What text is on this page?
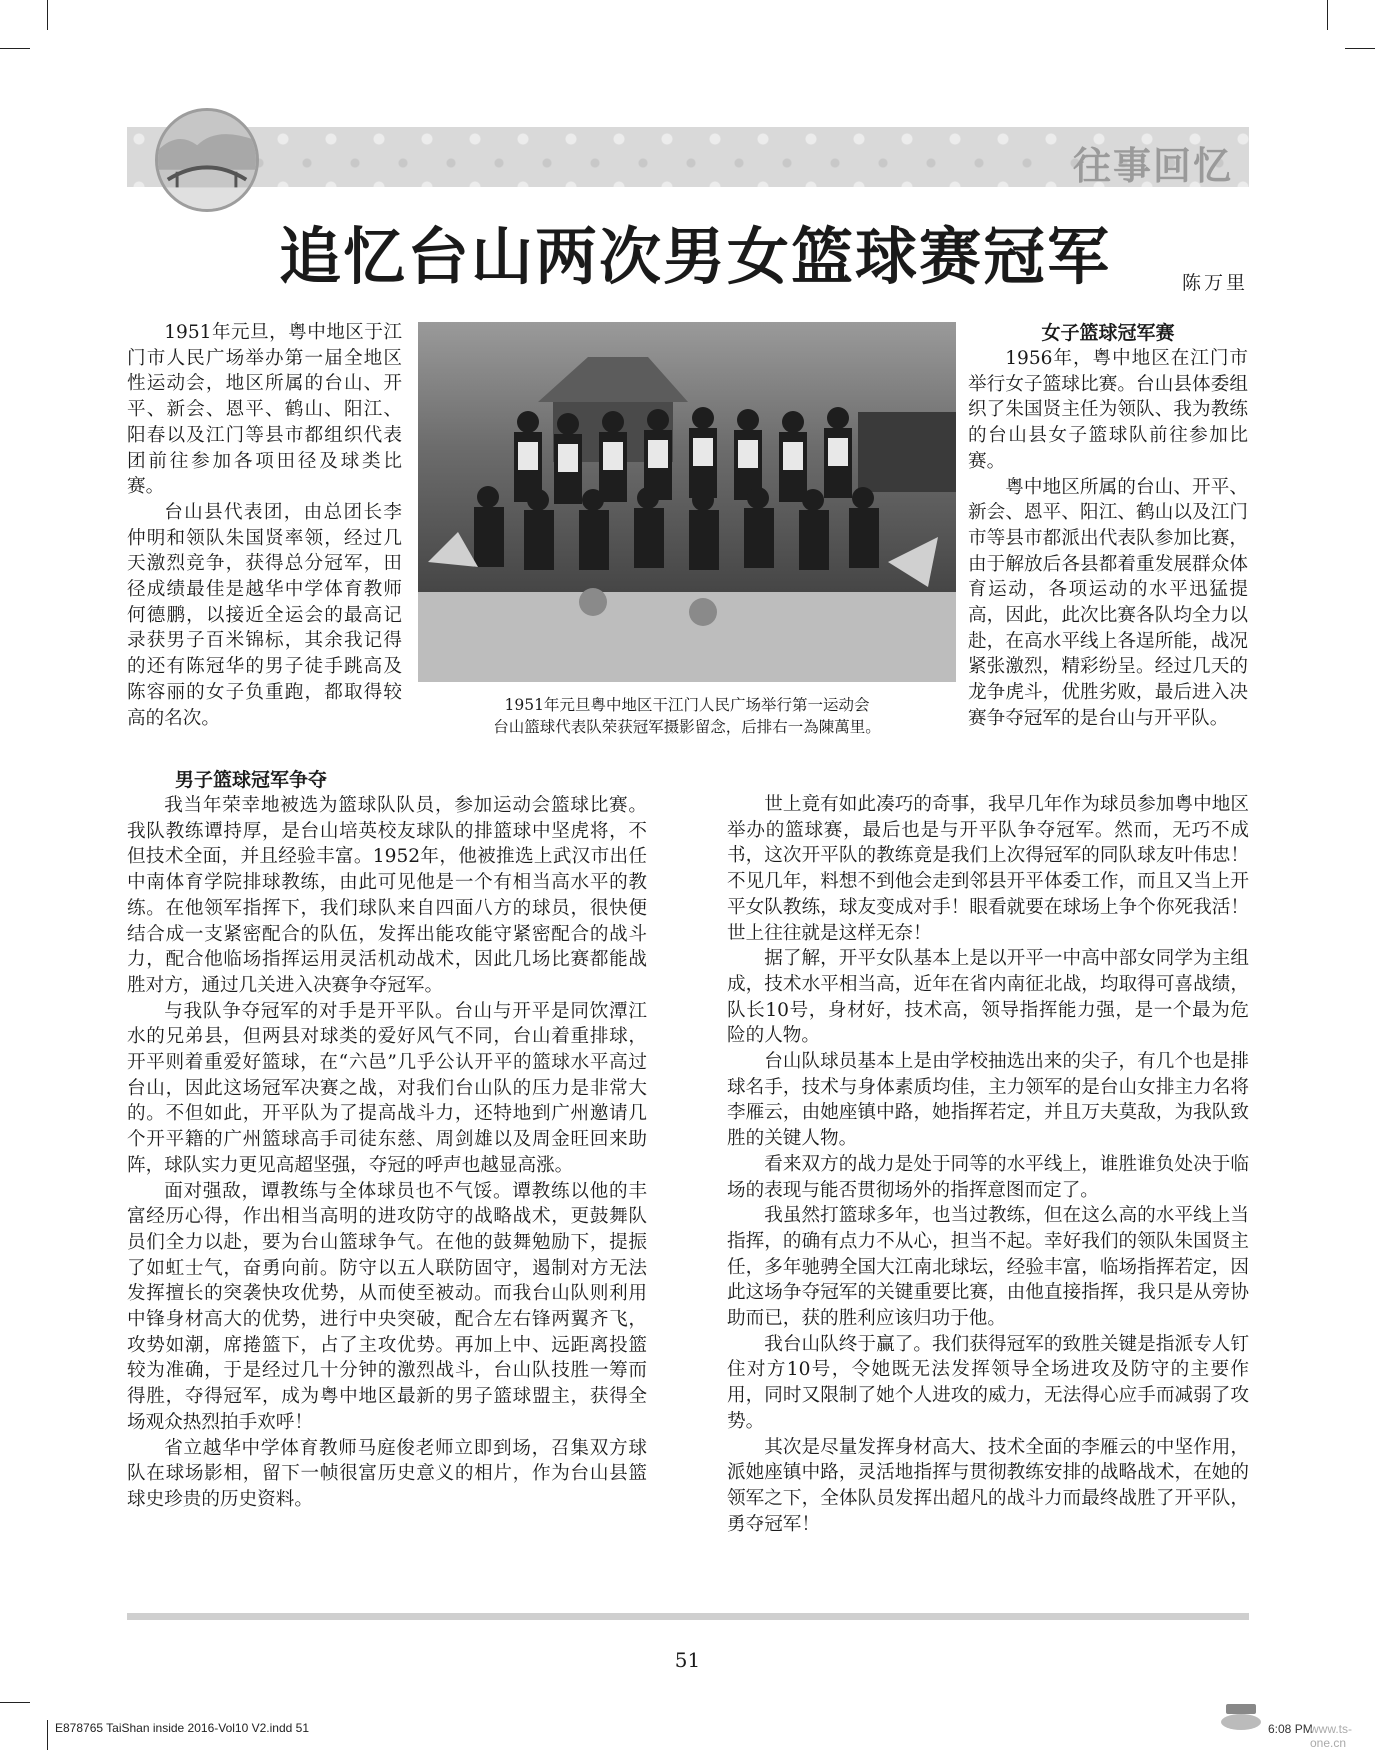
往事回忆
追忆台山两次男女篮球赛冠军	陈万里

1951年元旦，粤中地区于江门市人民广场举办第一届全地区性运动会，地区所属的台山、开平、新会、恩平、鹤山、阳江、阳春以及江门等县市都组织代表团前往参加各项田径及球类比赛。

台山县代表团，由总团长李仲明和领队朱国贤率领，经过几天激烈竞争，获得总分冠军，田径成绩最佳是越华中学体育教师何德鹏，以接近全运会的最高记录获男子百米锦标，其余我记得的还有陈冠华的男子徒手跳高及陈容丽的女子负重跑，都取得较高的名次。

1951年元旦粤中地区干江门人民广场举行第一运动会
台山篮球代表队荣获冠军摄影留念，后排右一為陳萬里。
女子篮球冠军赛

1956年，粤中地区在江门市举行女子篮球比赛。台山县体委组织了朱国贤主任为领队、我为教练的台山县女子篮球队前往参加比赛。

粤中地区所属的台山、开平、新会、恩平、阳江、鹤山以及江门市等县市都派出代表队参加比赛，由于解放后各县都着重发展群众体育运动，各项运动的水平迅猛提高，因此，此次比赛各队均全力以赴，在高水平线上各逞所能，战况紧张激烈，精彩纷呈。经过几天的龙争虎斗，优胜劣败，最后进入决赛争夺冠军的是台山与开平队。

男子篮球冠军争夺

我当年荣幸地被选为篮球队队员，参加运动会篮球比赛。我队教练谭持厚，是台山培英校友球队的排篮球中坚虎将，不但技术全面，并且经验丰富。1952年，他被推选上武汉市出任中南体育学院排球教练，由此可见他是一个有相当高水平的教练。在他领军指挥下，我们球队来自四面八方的球员，很快便结合成一支紧密配合的队伍，发挥出能攻能守紧密配合的战斗力，配合他临场指挥运用灵活机动战术，因此几场比赛都能战胜对方，通过几关进入决赛争夺冠军。

与我队争夺冠军的对手是开平队。台山与开平是同饮潭江水的兄弟县，但两县对球类的爱好风气不同，台山着重排球，开平则着重爱好篮球，在“六邑”几乎公认开平的篮球水平高过台山，因此这场冠军决赛之战，对我们台山队的压力是非常大的。不但如此，开平队为了提高战斗力，还特地到广州邀请几个开平籍的广州篮球高手司徒东慈、周剑雄以及周金旺回来助阵，球队实力更见高超坚强，夺冠的呼声也越显高涨。

面对强敌，谭教练与全体球员也不气馁。谭教练以他的丰富经历心得，作出相当高明的进攻防守的战略战术，更鼓舞队员们全力以赴，要为台山篮球争气。在他的鼓舞勉励下，提振了如虹士气，奋勇向前。防守以五人联防固守，遏制对方无法发挥擅长的突袭快攻优势，从而使至被动。而我台山队则利用中锋身材高大的优势，进行中央突破，配合左右锋两翼齐飞，攻势如潮，席捲篮下，占了主攻优势。再加上中、远距离投篮较为准确，于是经过几十分钟的激烈战斗，台山队技胜一筹而得胜，夺得冠军，成为粤中地区最新的男子篮球盟主，获得全场观众热烈拍手欢呼！

省立越华中学体育教师马庭俊老师立即到场，召集双方球队在球场影相，留下一帧很富历史意义的相片，作为台山县篮球史珍贵的历史资料。

世上竟有如此凑巧的奇事，我早几年作为球员参加粤中地区举办的篮球赛，最后也是与开平队争夺冠军。然而，无巧不成书，这次开平队的教练竟是我们上次得冠军的同队球友叶伟忠！不见几年，料想不到他会走到邻县开平体委工作，而且又当上开平女队教练，球友变成对手！眼看就要在球场上争个你死我活！世上往往就是这样无奈！

据了解，开平女队基本上是以开平一中高中部女同学为主组成，技术水平相当高，近年在省内南征北战，均取得可喜战绩，队长10号，身材好，技术高，领导指挥能力强，是一个最为危险的人物。

台山队球员基本上是由学校抽选出来的尖子，有几个也是排球名手，技术与身体素质均佳，主力领军的是台山女排主力名将李雁云，由她座镇中路，她指挥若定，并且万夫莫敌，为我队致胜的关键人物。

看来双方的战力是处于同等的水平线上，谁胜谁负处决于临场的表现与能否贯彻场外的指挥意图而定了。

我虽然打篮球多年，也当过教练，但在这么高的水平线上当指挥，的确有点力不从心，担当不起。幸好我们的领队朱国贤主任，多年驰骋全国大江南北球坛，经验丰富，临场指挥若定，因此这场争夺冠军的关键重要比赛，由他直接指挥，我只是从旁协助而已，获的胜利应该归功于他。

我台山队终于赢了。我们获得冠军的致胜关键是指派专人钉住对方10号，令她既无法发挥领导全场进攻及防守的主要作用，同时又限制了她个人进攻的威力，无法得心应手而减弱了攻势。

其次是尽量发挥身材高大、技术全面的李雁云的中坚作用，派她座镇中路，灵活地指挥与贯彻教练安排的战略战术，在她的领军之下，全体队员发挥出超凡的战斗力而最终战胜了开平队，勇夺冠军！

51
E878765 TaiShan inside 2016-Vol10 V2.indd 51	6:08 PM
www.ts-one.cn
